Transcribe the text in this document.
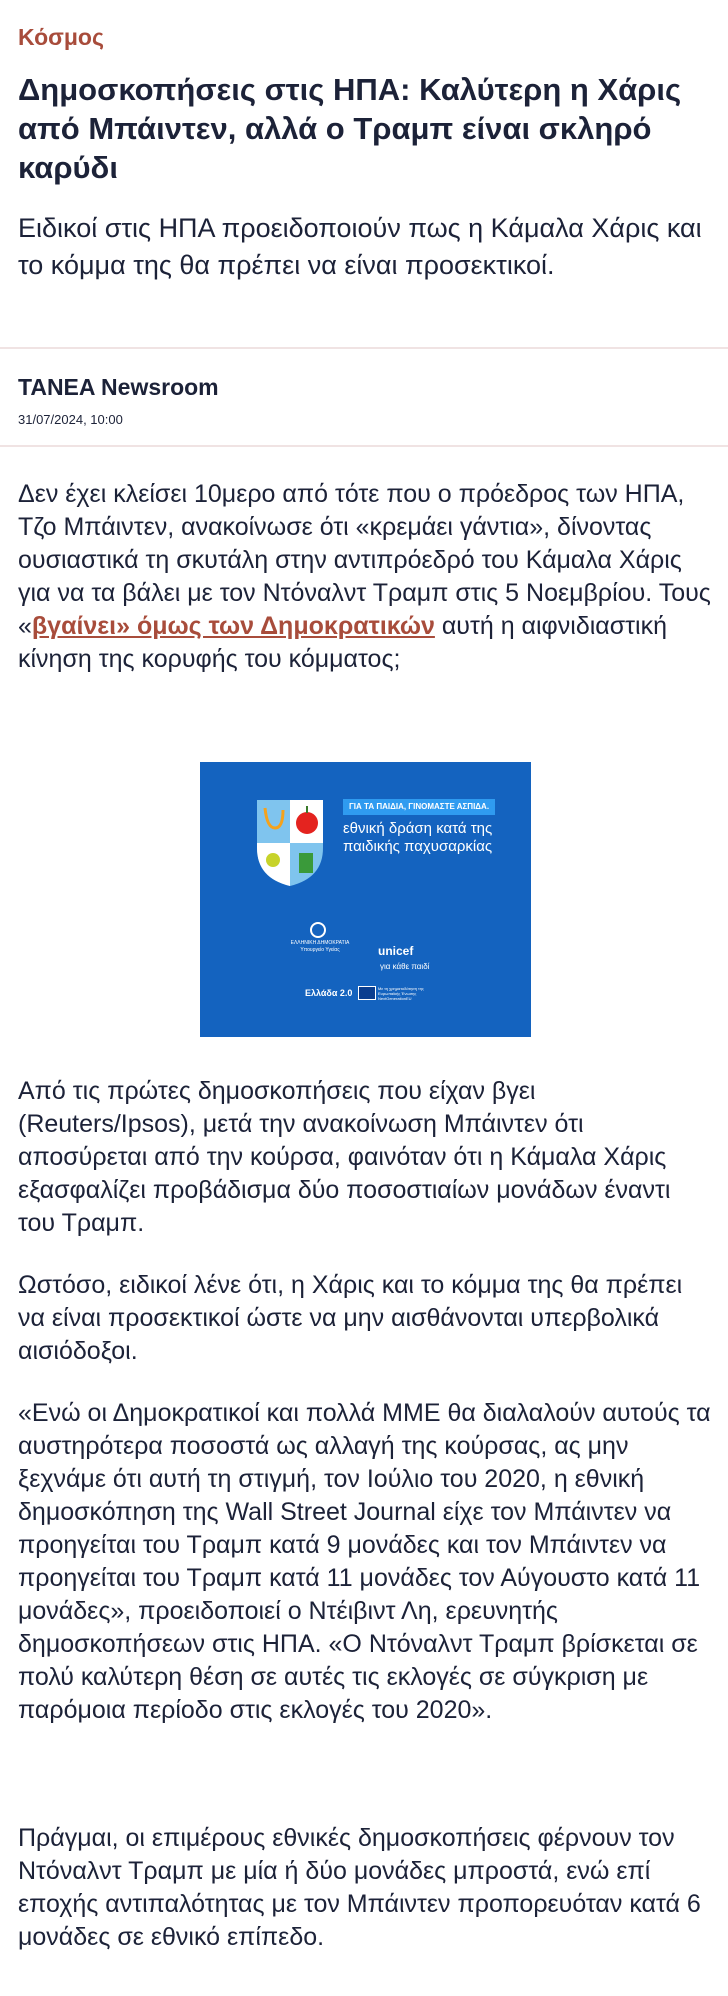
Κόσμος
Δημοσκοπήσεις στις ΗΠΑ: Καλύτερη η Χάρις από Μπάιντεν, αλλά ο Τραμπ είναι σκληρό καρύδι

Ειδικοί στις ΗΠΑ προειδοποιούν πως η Κάμαλα Χάρις και το κόμμα της θα πρέπει να είναι προσεκτικοί.

TANEA Newsroom
31/07/2024, 10:00

Δεν έχει κλείσει 10μερο από τότε που ο πρόεδρος των ΗΠΑ, Τζο Μπάιντεν, ανακοίνωσε ότι «κρεμάει γάντια», δίνοντας ουσιαστικά τη σκυτάλη στην αντιπρόεδρό του Κάμαλα Χάρις για να τα βάλει με τον Ντόναλντ Τραμπ στις 5 Νοεμβρίου. Τους «βγαίνει» όμως των Δημοκρατικών αυτή η αιφνιδιαστική κίνηση της κορυφής του κόμματος;

ΓΙΑ ΤΑ ΠΑΙΔΙΑ, ΓΙΝΟΜΑΣΤΕ ΑΣΠΙΔΑ.
εθνική δράση κατά της παιδικής παχυσαρκίας
ΕΛΛΗΝΙΚΗ ΔΗΜΟΚΡΑΤΙΑ Υπουργείο Υγείας	unicef
για κάθε παιδί
Ελλάδα 2.0	Με τη χρηματοδότηση της Ευρωπαϊκής Ένωσης NextGenerationEU

Από τις πρώτες δημοσκοπήσεις που είχαν βγει (Reuters/Ipsos), μετά την ανακοίνωση Μπάιντεν ότι αποσύρεται από την κούρσα, φαινόταν ότι η Κάμαλα Χάρις εξασφαλίζει προβάδισμα δύο ποσοστιαίων μονάδων έναντι του Τραμπ.

Ωστόσο, ειδικοί λένε ότι, η Χάρις και το κόμμα της θα πρέπει να είναι προσεκτικοί ώστε να μην αισθάνονται υπερβολικά αισιόδοξοι.

«Ενώ οι Δημοκρατικοί και πολλά ΜΜΕ θα διαλαλούν αυτούς τα αυστηρότερα ποσοστά ως αλλαγή της κούρσας, ας μην ξεχνάμε ότι αυτή τη στιγμή, τον Ιούλιο του 2020, η εθνική δημοσκόπηση της Wall Street Journal είχε τον Μπάιντεν να προηγείται του Τραμπ κατά 9 μονάδες και τον Μπάιντεν να προηγείται του Τραμπ κατά 11 μονάδες τον Αύγουστο κατά 11 μονάδες», προειδοποιεί ο Ντέιβιντ Λη, ερευνητής δημοσκοπήσεων στις ΗΠΑ. «Ο Ντόναλντ Τραμπ βρίσκεται σε πολύ καλύτερη θέση σε αυτές τις εκλογές σε σύγκριση με παρόμοια περίοδο στις εκλογές του 2020».

Πράγμαι, οι επιμέρους εθνικές δημοσκοπήσεις φέρνουν τον Ντόναλντ Τραμπ με μία ή δύο μονάδες μπροστά, ενώ επί εποχής αντιπαλότητας με τον Μπάιντεν προπορευόταν κατά 6 μονάδες σε εθνικό επίπεδο.
